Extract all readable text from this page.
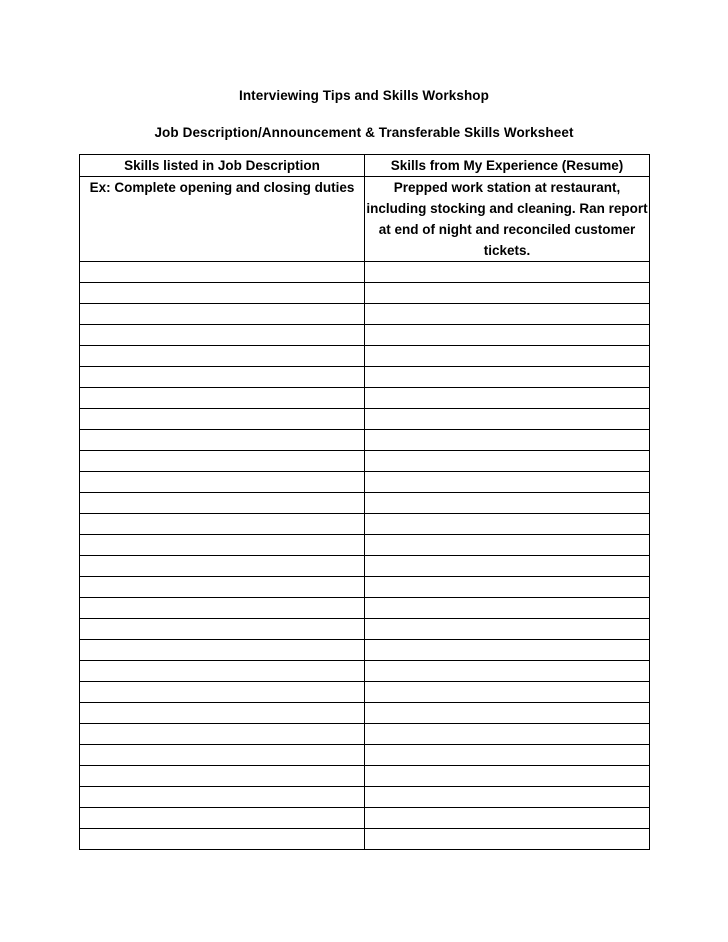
Interviewing Tips and Skills Workshop
Job Description/Announcement & Transferable Skills Worksheet
Skills listed in Job Description	Skills from My Experience (Resume)
Ex: Complete opening and closing duties	Prepped work station at restaurant, including stocking and cleaning. Ran report at end of night and reconciled customer tickets.
